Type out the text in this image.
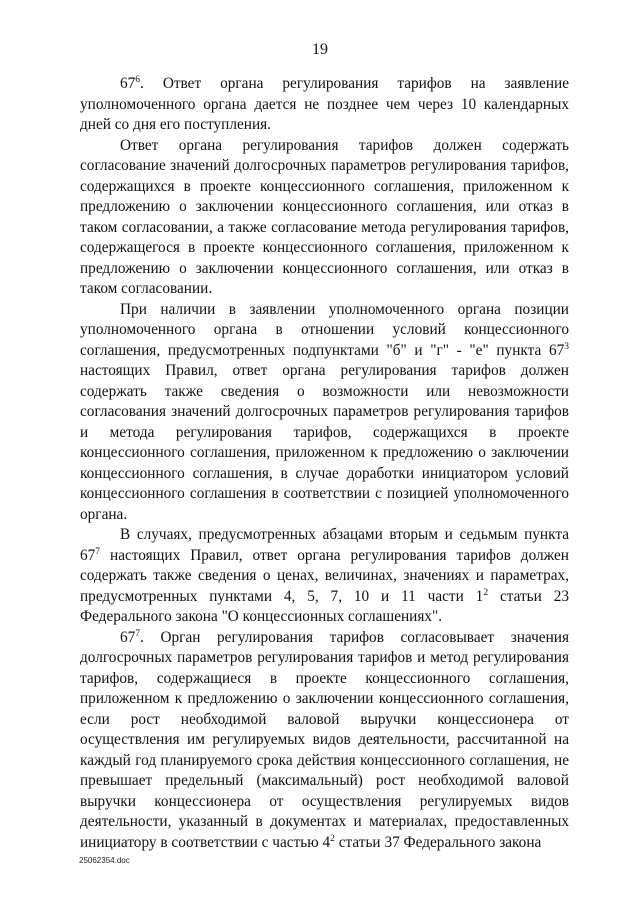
19

$67^6$. Ответ органа регулирования тарифов на заявление уполномоченного органа дается не позднее чем через 10 календарных дней со дня его поступления.

Ответ органа регулирования тарифов должен содержать согласование значений долгосрочных параметров регулирования тарифов, содержащихся в проекте концессионного соглашения, приложенном к предложению о заключении концессионного соглашения, или отказ в таком согласовании, а также согласование метода регулирования тарифов, содержащегося в проекте концессионного соглашения, приложенном к предложению о заключении концессионного соглашения, или отказ в таком согласовании.

При наличии в заявлении уполномоченного органа позиции уполномоченного органа в отношении условий концессионного соглашения, предусмотренных подпунктами "б" и "г" - "е" пункта $67^3$ настоящих Правил, ответ органа регулирования тарифов должен содержать также сведения о возможности или невозможности согласования значений долгосрочных параметров регулирования тарифов и метода регулирования тарифов, содержащихся в проекте концессионного соглашения, приложенном к предложению о заключении концессионного соглашения, в случае доработки инициатором условий концессионного соглашения в соответствии с позицией уполномоченного органа.

В случаях, предусмотренных абзацами вторым и седьмым пункта $67^7$ настоящих Правил, ответ органа регулирования тарифов должен содержать также сведения о ценах, величинах, значениях и параметрах, предусмотренных пунктами 4, 5, 7, 10 и 11 части $1^2$ статьи 23 Федерального закона "О концессионных соглашениях".

$67^7$. Орган регулирования тарифов согласовывает значения долгосрочных параметров регулирования тарифов и метод регулирования тарифов, содержащиеся в проекте концессионного соглашения, приложенном к предложению о заключении концессионного соглашения, если рост необходимой валовой выручки концессионера от осуществления им регулируемых видов деятельности, рассчитанной на каждый год планируемого срока действия концессионного соглашения, не превышает предельный (максимальный) рост необходимой валовой выручки концессионера от осуществления регулируемых видов деятельности, указанный в документах и материалах, предоставленных инициатору в соответствии с частью $4^2$ статьи 37 Федерального закона

25062354.doc
